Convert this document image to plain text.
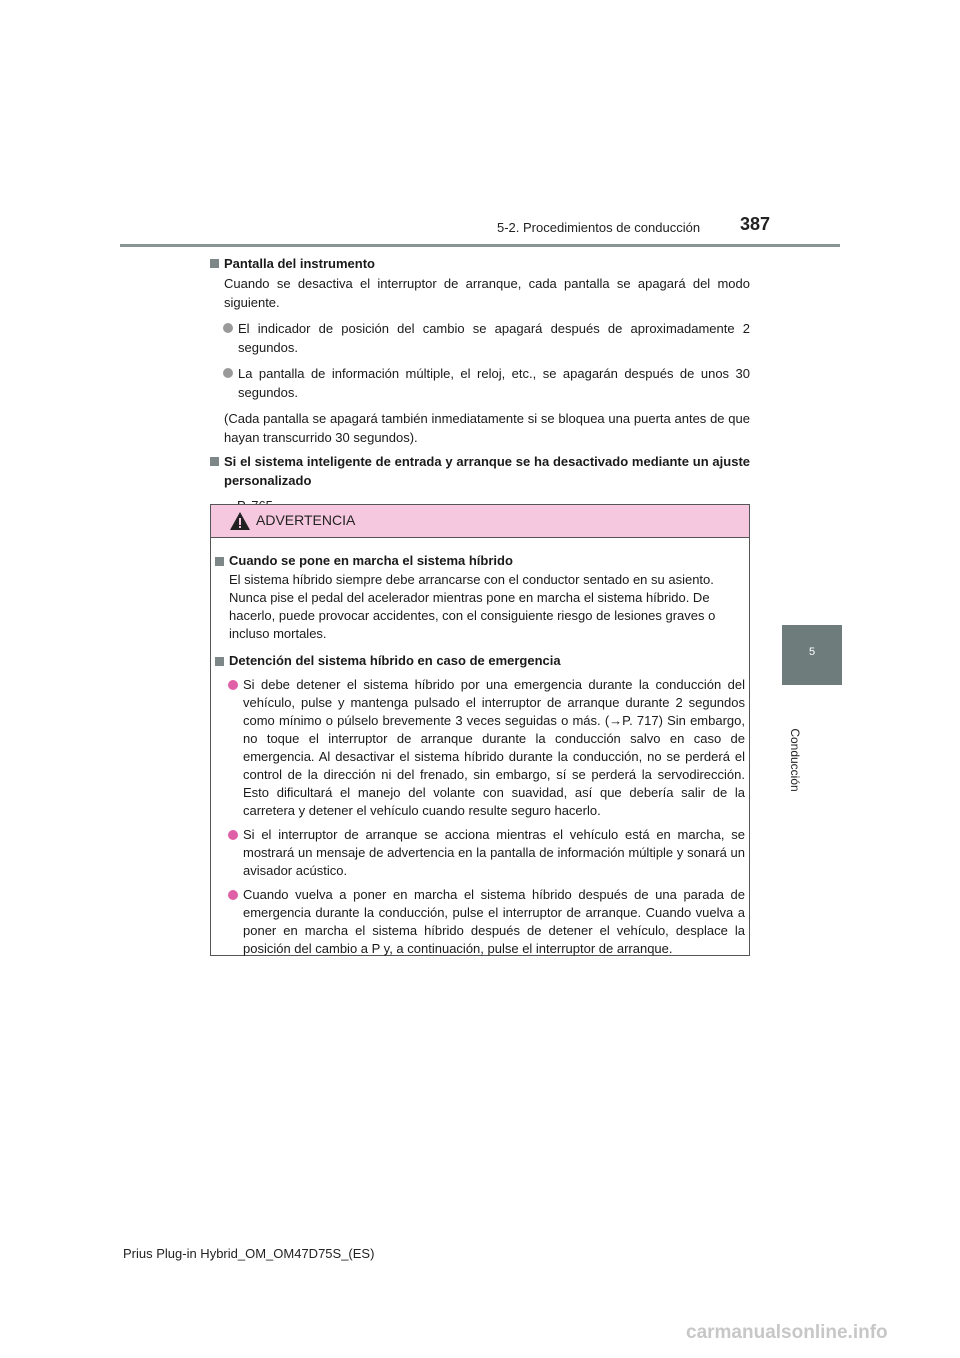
5-2. Procedimientos de conducción 387
5
Conducción

Pantalla del instrumento

Cuando se desactiva el interruptor de arranque, cada pantalla se apagará del modo siguiente.

El indicador de posición del cambio se apagará después de aproximadamente 2 segundos.
La pantalla de información múltiple, el reloj, etc., se apagarán después de unos 30 segundos.

(Cada pantalla se apagará también inmediatamente si se bloquea una puerta antes de que hayan transcurrido 30 segundos).

Si el sistema inteligente de entrada y arranque se ha desactivado mediante un ajuste personalizado

ADVERTENCIA

Cuando se pone en marcha el sistema híbrido

El sistema híbrido siempre debe arrancarse con el conductor sentado en su asiento. Nunca pise el pedal del acelerador mientras pone en marcha el sistema híbrido. De hacerlo, puede provocar accidentes, con el consiguiente riesgo de lesiones graves o incluso mortales.

Detención del sistema híbrido en caso de emergencia

Si debe detener el sistema híbrido por una emergencia durante la conducción del vehículo, pulse y mantenga pulsado el interruptor de arranque durante 2 segundos como mínimo o púlselo brevemente 3 veces seguidas o más. (→P. 717) Sin embargo, no toque el interruptor de arranque durante la conducción salvo en caso de emergencia. Al desactivar el sistema híbrido durante la conducción, no se perderá el control de la dirección ni del frenado, sin embargo, sí se perderá la servodirección. Esto dificultará el manejo del volante con suavidad, así que debería salir de la carretera y detener el vehículo cuando resulte seguro hacerlo.
Si el interruptor de arranque se acciona mientras el vehículo está en marcha, se mostrará un mensaje de advertencia en la pantalla de información múltiple y sonará un avisador acústico.
Cuando vuelva a poner en marcha el sistema híbrido después de una parada de emergencia durante la conducción, pulse el interruptor de arranque. Cuando vuelva a poner en marcha el sistema híbrido después de detener el vehículo, desplace la posición del cambio a P y, a continuación, pulse el interruptor de arranque.
Prius Plug-in Hybrid_OM_OM47D75S_(ES)
carmanualsonline.info
